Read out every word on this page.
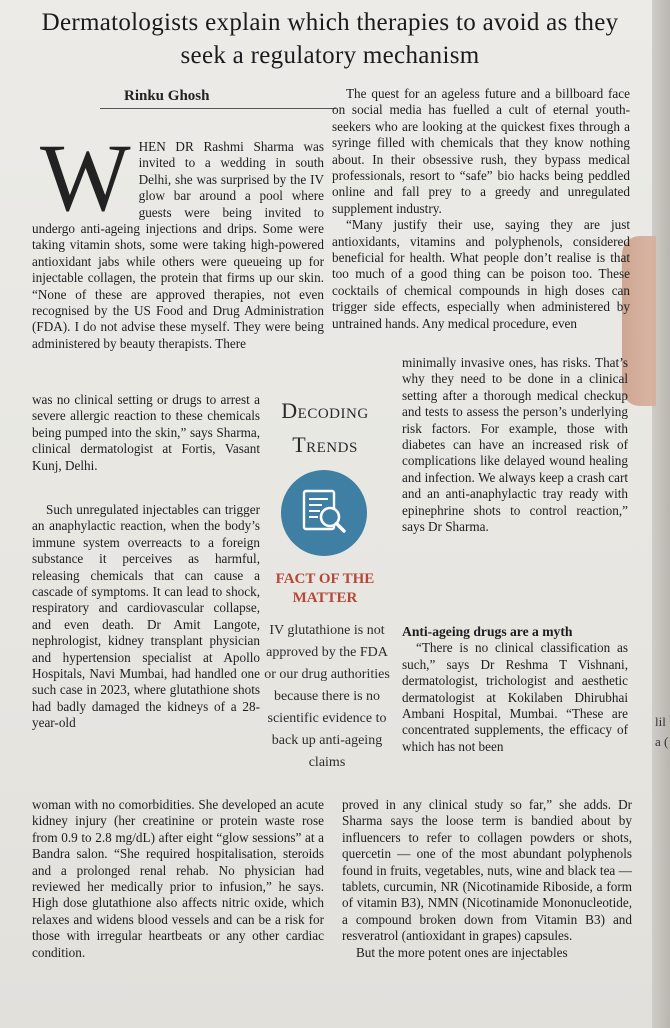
Dermatologists explain which therapies to avoid as they seek a regulatory mechanism
Rinku Ghosh
W HEN DR Rashmi Sharma was invited to a wedding in south Delhi, she was surprised by the IV glow bar around a pool where guests were being invited to undergo anti-ageing injections and drips. Some were taking vitamin shots, some were taking high-powered antioxidant jabs while others were queueing up for injectable collagen, the protein that firms up our skin. “None of these are approved therapies, not even recognised by the US Food and Drug Administration (FDA). I do not advise these myself. They were being administered by beauty therapists. There

was no clinical setting or drugs to arrest a severe allergic reaction to these chemicals being pumped into the skin,” says Sharma, clinical dermatologist at Fortis, Vasant Kunj, Delhi.
Such unregulated injectables can trigger an anaphylactic reaction, when the body’s immune system overreacts to a foreign substance it perceives as harmful, releasing chemicals that can cause a cascade of symptoms. It can lead to shock, respiratory and cardiovascular collapse, and even death. Dr Amit Langote, nephrologist, kidney transplant physician and hypertension specialist at Apollo Hospitals, Navi Mumbai, had handled one such case in 2023, where glutathione shots had badly damaged the kidneys of a 28-year-old
woman with no comorbidities. She developed an acute kidney injury (her creatinine or protein waste rose from 0.9 to 2.8 mg/dL) after eight “glow sessions” at a Bandra salon. “She required hospitalisation, steroids and a prolonged renal rehab. No physician had reviewed her medically prior to infusion,” he says. High dose glutathione also affects nitric oxide, which relaxes and widens blood vessels and can be a risk for those with irregular heartbeats or any other cardiac condition.

The quest for an ageless future and a billboard face on social media has fuelled a cult of eternal youth-seekers who are looking at the quickest fixes through a syringe filled with chemicals that they know nothing about. In their obsessive rush, they bypass medical professionals, resort to “safe” bio hacks being peddled online and fall prey to a greedy and unregulated supplement industry.

“Many justify their use, saying they are just antioxidants, vitamins and polyphenols, considered beneficial for health. What people don’t realise is that too much of a good thing can be poison too. These cocktails of chemical compounds in high doses can trigger side effects, especially when administered by untrained hands. Any medical procedure, even

minimally invasive ones, has risks. That’s why they need to be done in a clinical setting after a thorough medical checkup and tests to assess the person’s underlying risk factors. For example, those with diabetes can have an increased risk of complications like delayed wound healing and infection. We always keep a crash cart and an anti-anaphylactic tray ready with epinephrine shots to control reaction,” says Dr Sharma.
Anti-ageing drugs are a myth

“There is no clinical classification as such,” says Dr Reshma T Vishnani, dermatologist, trichologist and aesthetic dermatologist at Kokilaben Dhirubhai Ambani Hospital, Mumbai. “These are concentrated supplements, the efficacy of which has not been

proved in any clinical study so far,” she adds. Dr Sharma says the loose term is bandied about by influencers to refer to collagen powders or shots, quercetin — one of the most abundant polyphenols found in fruits, vegetables, nuts, wine and black tea — tablets, curcumin, NR (Nicotinamide Riboside, a form of vitamin B3), NMN (Nicotinamide Mononucleotide, a compound broken down from Vitamin B3) and resveratrol (antioxidant in grapes) capsules.

But the more potent ones are injectables

Decoding
Trends
FACT OF THE MATTER
IV glutathione is not approved by the FDA or our drug authorities because there is no scientific evidence to back up anti-ageing claims
lil a (
